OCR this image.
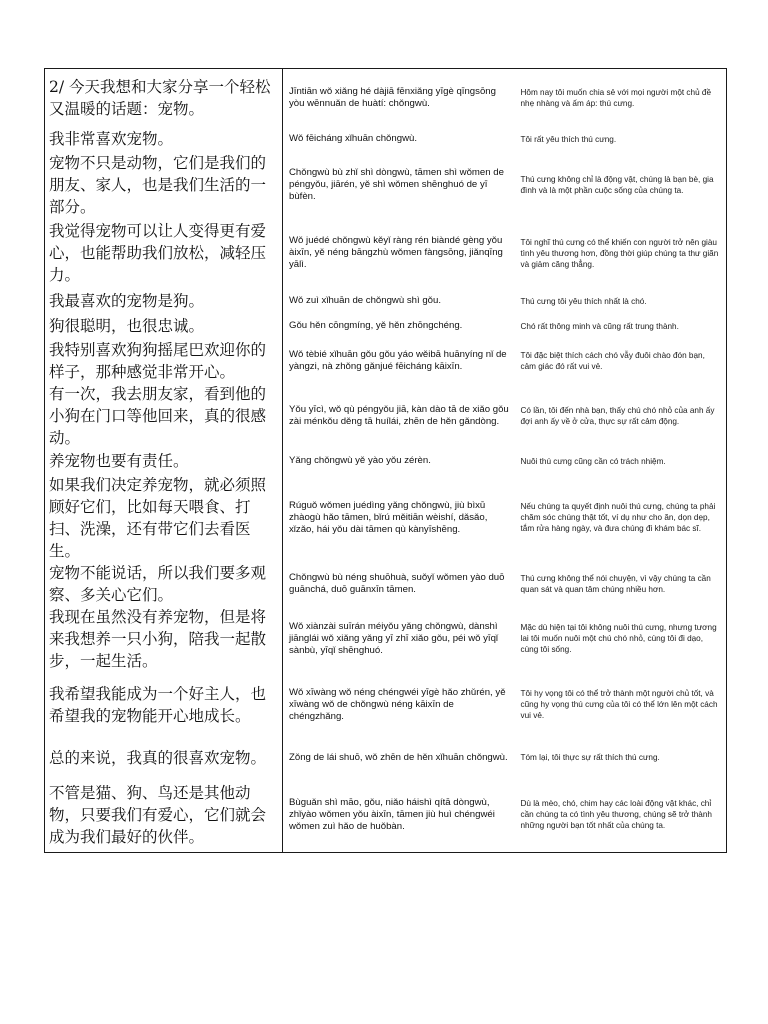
2/ 今天我想和大家分享一个轻松又温暖的话题：宠物。	Jīntiān wǒ xiǎng hé dàjiā fēnxiǎng yīgè qīngsōng yòu wēnnuǎn de huàtí: chǒngwù.	Hôm nay tôi muốn chia sẻ với mọi người một chủ đề nhẹ nhàng và ấm áp: thú cưng.
我非常喜欢宠物。	Wǒ fēicháng xǐhuān chǒngwù.	Tôi rất yêu thích thú cưng.
宠物不只是动物，它们是我们的朋友、家人，也是我们生活的一部分。	Chǒngwù bù zhǐ shì dòngwù, tāmen shì wǒmen de péngyǒu, jiārén, yě shì wǒmen shēnghuó de yī bùfèn.	Thú cưng không chỉ là động vật, chúng là bạn bè, gia đình và là một phần cuộc sống của chúng ta.
我觉得宠物可以让人变得更有爱心，也能帮助我们放松，减轻压力。	Wǒ juédé chǒngwù kěyǐ ràng rén biàndé gèng yǒu àixīn, yě néng bāngzhù wǒmen fàngsōng, jiǎnqīng yālì.	Tôi nghĩ thú cưng có thể khiến con người trở nên giàu tình yêu thương hơn, đồng thời giúp chúng ta thư giãn và giảm căng thẳng.
我最喜欢的宠物是狗。	Wǒ zuì xǐhuān de chǒngwù shì gǒu.	Thú cưng tôi yêu thích nhất là chó.
狗很聪明，也很忠诚。	Gǒu hěn cōngmíng, yě hěn zhōngchéng.	Chó rất thông minh và cũng rất trung thành.
我特别喜欢狗狗摇尾巴欢迎你的样子，那种感觉非常开心。	Wǒ tèbié xǐhuān gǒu gǒu yáo wěibā huānyíng nǐ de yàngzi, nà zhǒng gǎnjué fēicháng kāixīn.	Tôi đặc biệt thích cách chó vẫy đuôi chào đón bạn, cảm giác đó rất vui vẻ.
有一次，我去朋友家，看到他的小狗在门口等他回来，真的很感动。	Yǒu yīcì, wǒ qù péngyǒu jiā, kàn dào tā de xiǎo gǒu zài ménkǒu děng tā huílái, zhēn de hěn gǎndòng.	Có lần, tôi đến nhà bạn, thấy chú chó nhỏ của anh ấy đợi anh ấy về ở cửa, thực sự rất cảm động.
养宠物也要有责任。	Yǎng chǒngwù yě yào yǒu zérèn.	Nuôi thú cưng cũng cần có trách nhiệm.
如果我们决定养宠物，就必须照顾好它们，比如每天喂食、打扫、洗澡，还有带它们去看医生。	Rúguǒ wǒmen juédìng yǎng chǒngwù, jiù bìxū zhàogù hǎo tāmen, bǐrú měitiān wèishí, dǎsǎo, xǐzǎo, hái yǒu dài tāmen qù kànyīshēng.	Nếu chúng ta quyết định nuôi thú cưng, chúng ta phải chăm sóc chúng thật tốt, ví dụ như cho ăn, dọn dẹp, tắm rửa hàng ngày, và đưa chúng đi khám bác sĩ.
宠物不能说话，所以我们要多观察、多关心它们。	Chǒngwù bù néng shuōhuà, suǒyǐ wǒmen yào duō guānchá, duō guānxīn tāmen.	Thú cưng không thể nói chuyện, vì vậy chúng ta cần quan sát và quan tâm chúng nhiều hơn.
我现在虽然没有养宠物，但是将来我想养一只小狗，陪我一起散步，一起生活。	Wǒ xiànzài suīrán méiyǒu yǎng chǒngwù, dànshì jiānglái wǒ xiǎng yǎng yī zhī xiǎo gǒu, péi wǒ yīqǐ sànbù, yīqǐ shēnghuó.	Mặc dù hiện tại tôi không nuôi thú cưng, nhưng tương lai tôi muốn nuôi một chú chó nhỏ, cùng tôi đi dạo, cùng tôi sống.
我希望我能成为一个好主人，也希望我的宠物能开心地成长。	Wǒ xīwàng wǒ néng chéngwéi yīgè hǎo zhǔrén, yě xīwàng wǒ de chǒngwù néng kāixīn de chéngzhǎng.	Tôi hy vọng tôi có thể trở thành một người chủ tốt, và cũng hy vọng thú cưng của tôi có thể lớn lên một cách vui vẻ.
总的来说，我真的很喜欢宠物。	Zǒng de lái shuō, wǒ zhēn de hěn xǐhuān chǒngwù.	Tóm lại, tôi thực sự rất thích thú cưng.
不管是猫、狗、鸟还是其他动物，只要我们有爱心，它们就会成为我们最好的伙伴。	Bùguǎn shì māo, gǒu, niǎo háishì qítā dòngwù, zhǐyào wǒmen yǒu àixīn, tāmen jiù huì chéngwéi wǒmen zuì hǎo de huǒbàn.	Dù là mèo, chó, chim hay các loài động vật khác, chỉ cần chúng ta có tình yêu thương, chúng sẽ trở thành những người bạn tốt nhất của chúng ta.
